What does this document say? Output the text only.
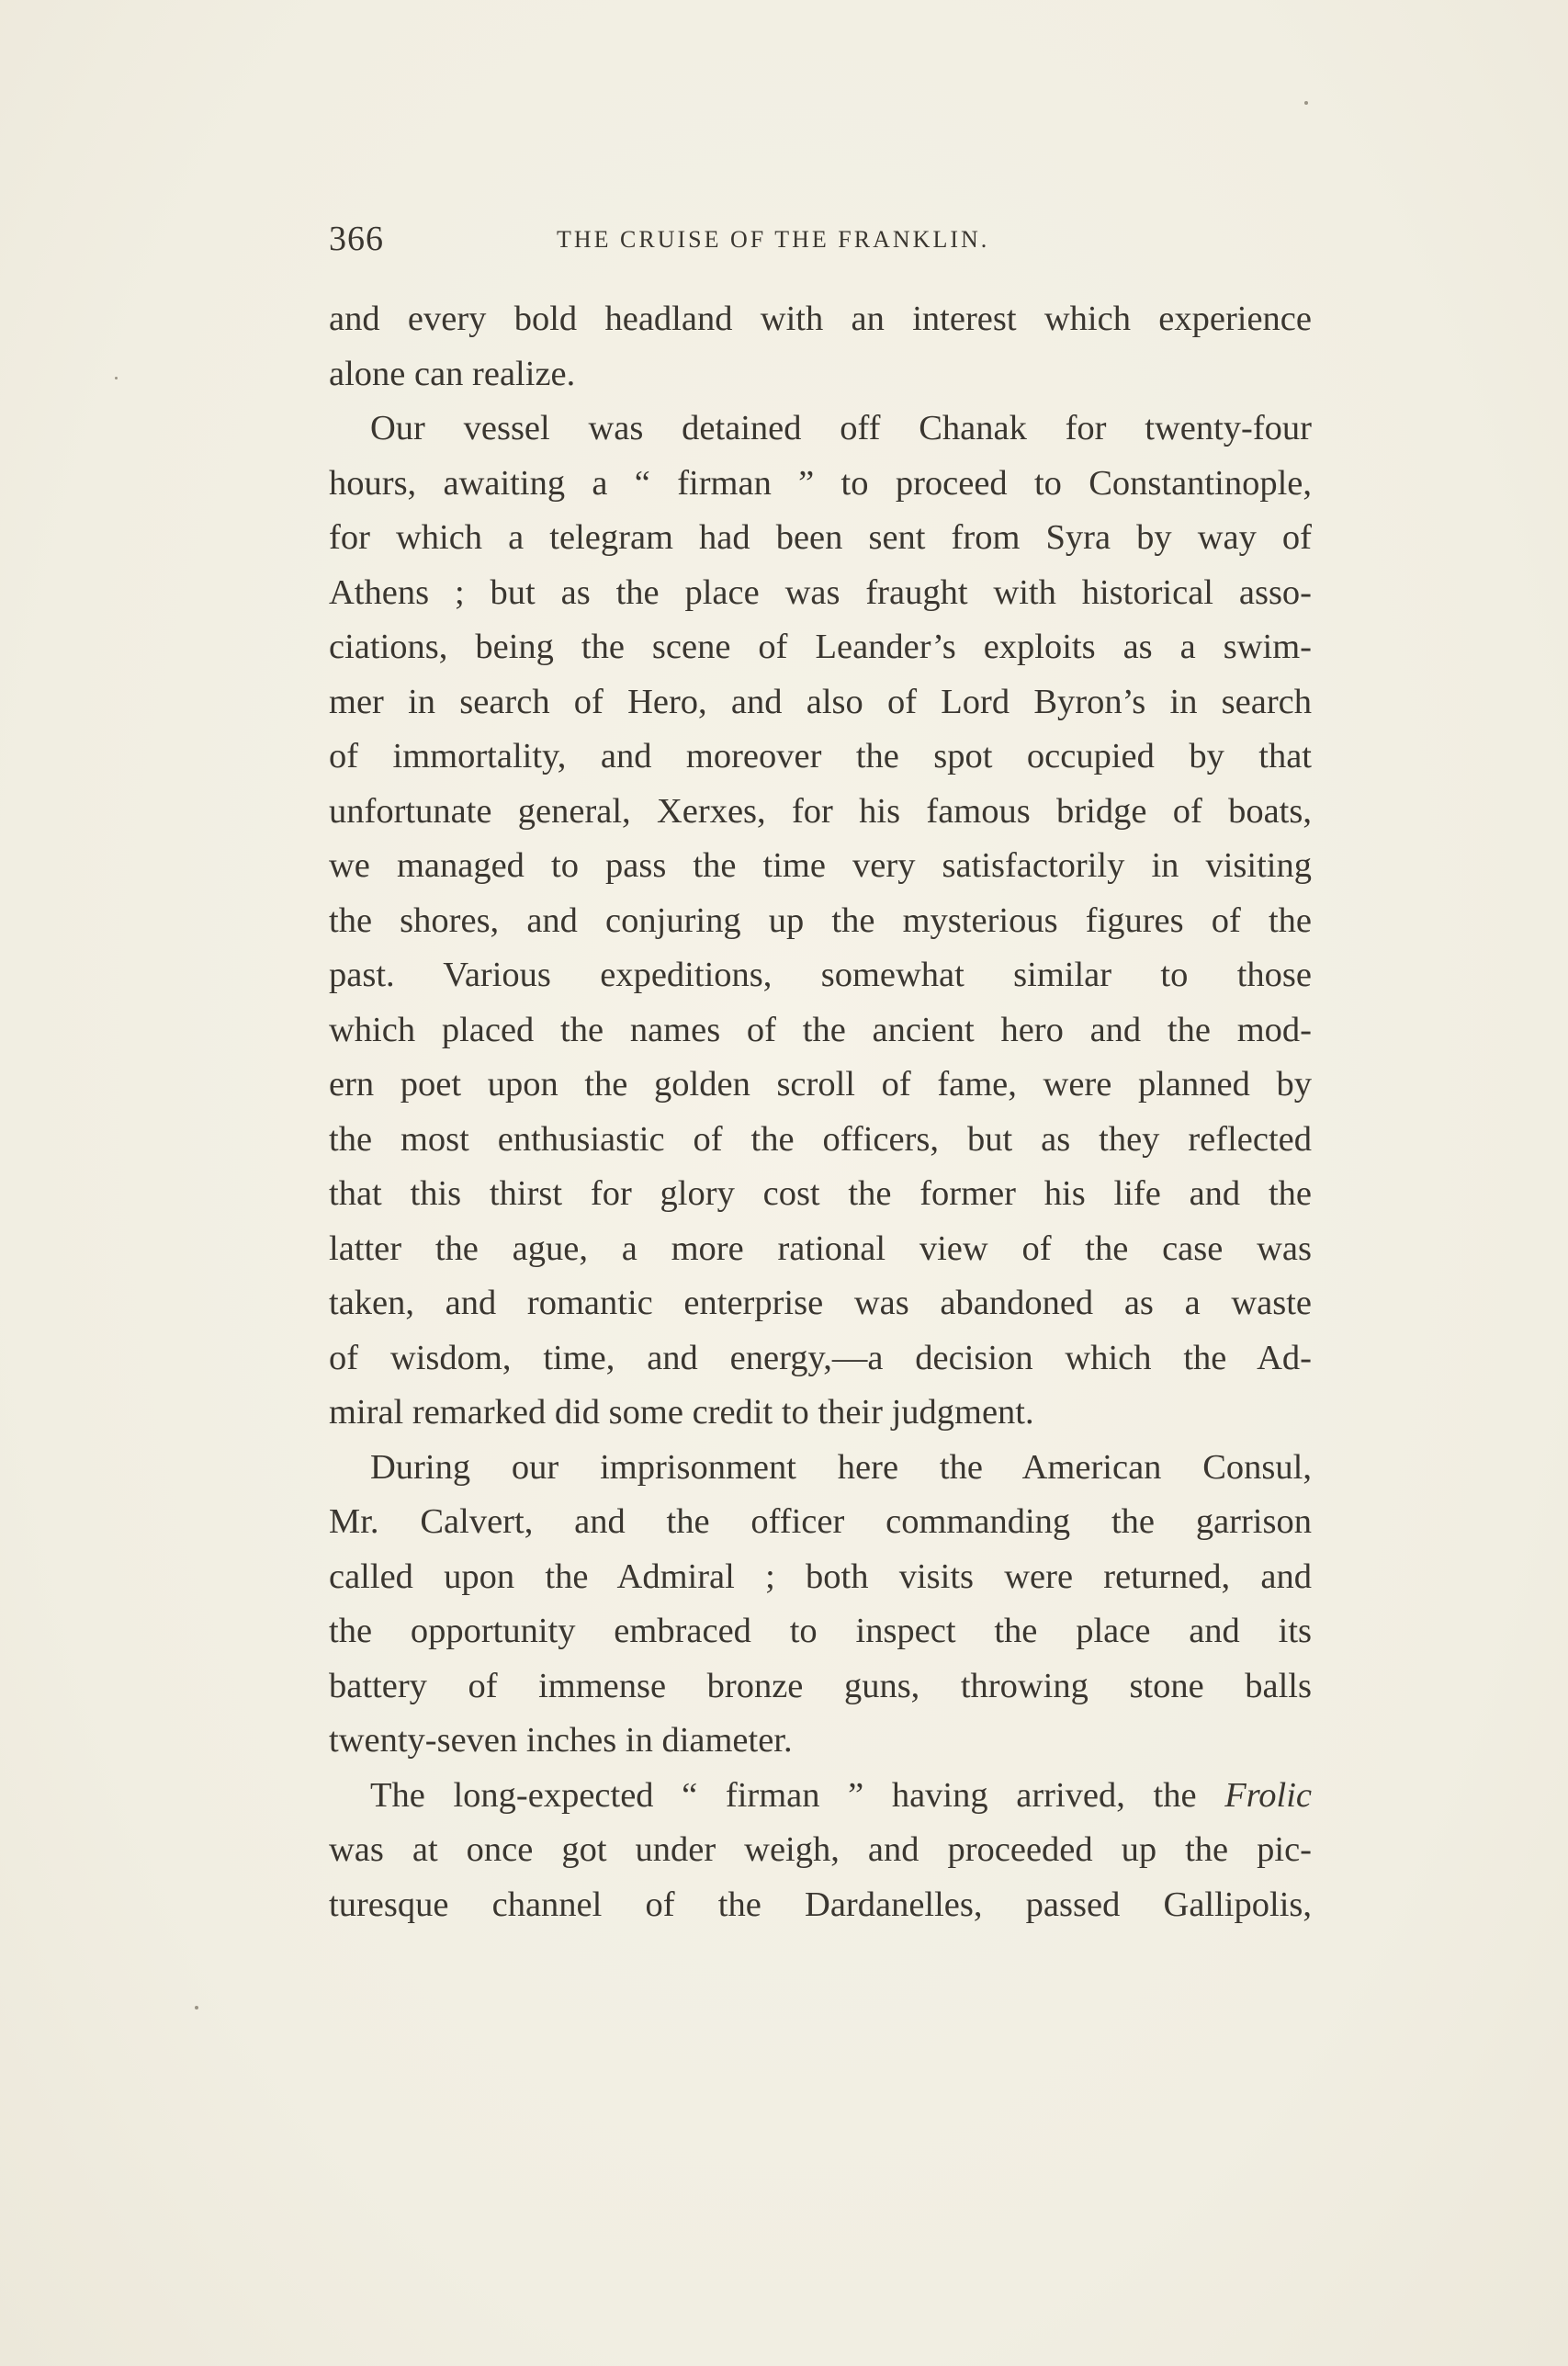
366	THE CRUISE OF THE FRANKLIN.
and every bold headland with an interest which experience
alone can realize.
Our vessel was detained off Chanak for twenty-four
hours, awaiting a “ firman ” to proceed to Constantinople,
for which a telegram had been sent from Syra by way of
Athens ; but as the place was fraught with historical asso-
ciations, being the scene of Leander’s exploits as a swim-
mer in search of Hero, and also of Lord Byron’s in search
of immortality, and moreover the spot occupied by that
unfortunate general, Xerxes, for his famous bridge of boats,
we managed to pass the time very satisfactorily in visiting
the shores, and conjuring up the mysterious figures of the
past. Various expeditions, somewhat similar to those
which placed the names of the ancient hero and the mod-
ern poet upon the golden scroll of fame, were planned by
the most enthusiastic of the officers, but as they reflected
that this thirst for glory cost the former his life and the
latter the ague, a more rational view of the case was
taken, and romantic enterprise was abandoned as a waste
of wisdom, time, and energy,—a decision which the Ad-
miral remarked did some credit to their judgment.
During our imprisonment here the American Consul,
Mr. Calvert, and the officer commanding the garrison
called upon the Admiral ; both visits were returned, and
the opportunity embraced to inspect the place and its
battery of immense bronze guns, throwing stone balls
twenty-seven inches in diameter.
The long-expected “ firman ” having arrived, the Frolic
was at once got under weigh, and proceeded up the pic-
turesque channel of the Dardanelles, passed Gallipolis,
